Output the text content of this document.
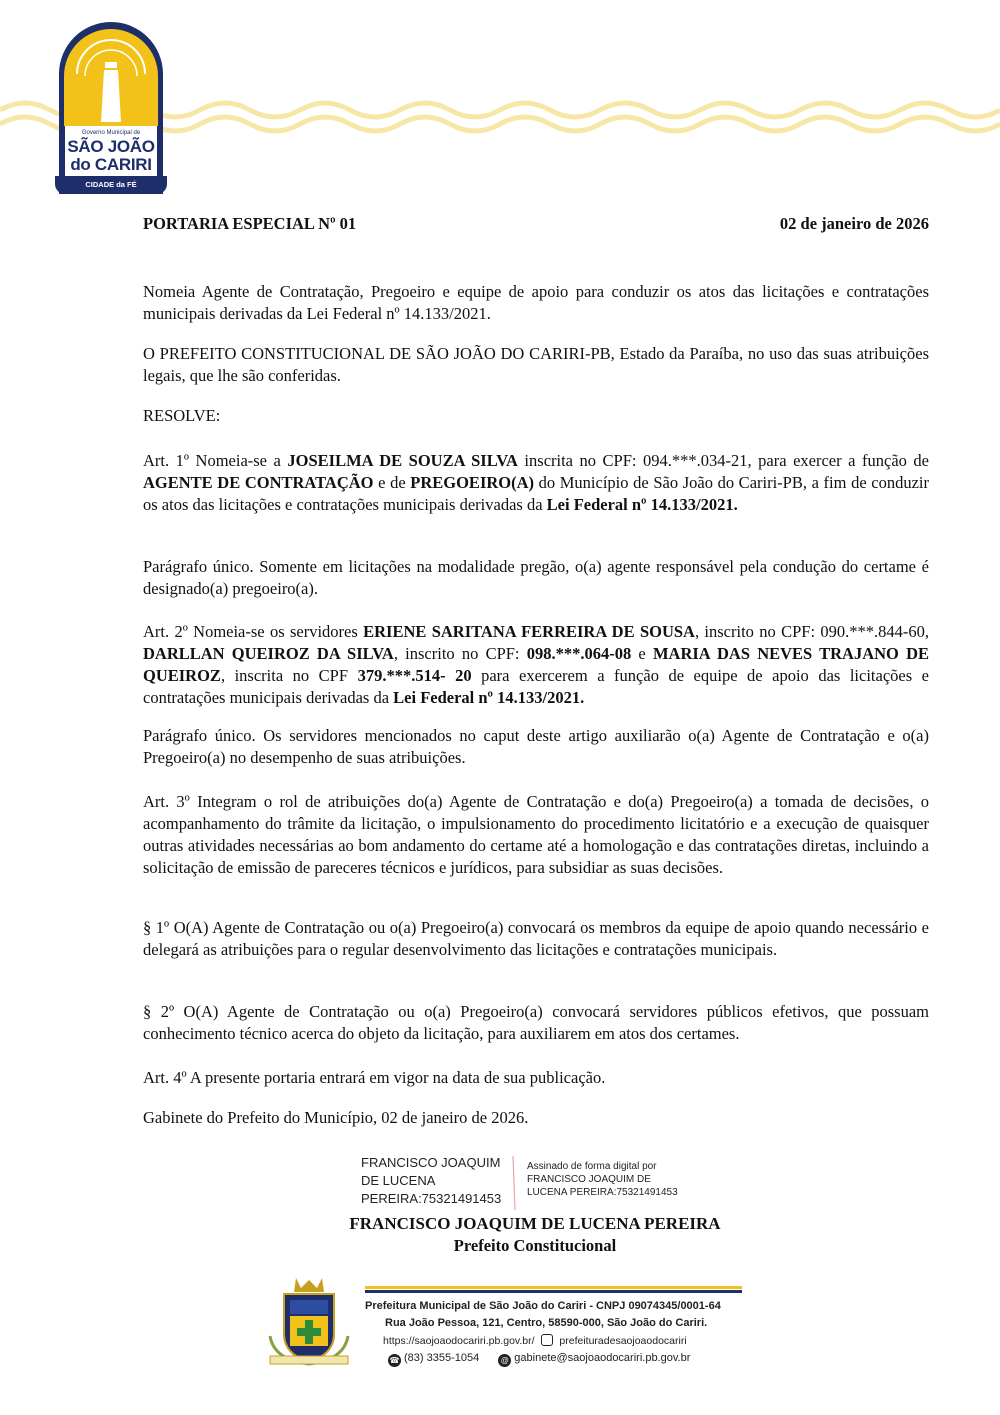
Governo Municipal de
SÃO JOÃO
do CARIRI
CIDADE da FÉ
PORTARIA ESPECIAL Nº 01	02 de janeiro de 2026

Nomeia Agente de Contratação, Pregoeiro e equipe de apoio para conduzir os atos das licitações e contratações municipais derivadas da Lei Federal nº 14.133/2021.

O PREFEITO CONSTITUCIONAL DE SÃO JOÃO DO CARIRI-PB, Estado da Paraíba, no uso das suas atribuições legais, que lhe são conferidas.

RESOLVE:

Art. 1º Nomeia-se a JOSEILMA DE SOUZA SILVA inscrita no CPF: 094.***.034-21, para exercer a função de AGENTE DE CONTRATAÇÃO e de PREGOEIRO(A) do Município de São João do Cariri-PB, a fim de conduzir os atos das licitações e contratações municipais derivadas da Lei Federal nº 14.133/2021.

Parágrafo único. Somente em licitações na modalidade pregão, o(a) agente responsável pela condução do certame é designado(a) pregoeiro(a).

Art. 2º Nomeia-se os servidores ERIENE SARITANA FERREIRA DE SOUSA, inscrito no CPF: 090.***.844-60, DARLLAN QUEIROZ DA SILVA, inscrito no CPF: 098.***.064-08 e MARIA DAS NEVES TRAJANO DE QUEIROZ, inscrita no CPF 379.***.514- 20 para exercerem a função de equipe de apoio das licitações e contratações municipais derivadas da Lei Federal nº 14.133/2021.

Parágrafo único. Os servidores mencionados no caput deste artigo auxiliarão o(a) Agente de Contratação e o(a) Pregoeiro(a) no desempenho de suas atribuições.

Art. 3º Integram o rol de atribuições do(a) Agente de Contratação e do(a) Pregoeiro(a) a tomada de decisões, o acompanhamento do trâmite da licitação, o impulsionamento do procedimento licitatório e a execução de quaisquer outras atividades necessárias ao bom andamento do certame até a homologação e das contratações diretas, incluindo a solicitação de emissão de pareceres técnicos e jurídicos, para subsidiar as suas decisões.

§ 1º O(A) Agente de Contratação ou o(a) Pregoeiro(a) convocará os membros da equipe de apoio quando necessário e delegará as atribuições para o regular desenvolvimento das licitações e contratações municipais.

§ 2º O(A) Agente de Contratação ou o(a) Pregoeiro(a) convocará servidores públicos efetivos, que possuam conhecimento técnico acerca do objeto da licitação, para auxiliarem em atos dos certames.

Art. 4º A presente portaria entrará em vigor na data de sua publicação.

Gabinete do Prefeito do Município, 02 de janeiro de 2026.

FRANCISCO JOAQUIM
DE LUCENA
PEREIRA:75321491453
Assinado de forma digital por
FRANCISCO JOAQUIM DE
LUCENA PEREIRA:75321491453
FRANCISCO JOAQUIM DE LUCENA PEREIRA
Prefeito Constitucional
Prefeitura Municipal de São João do Cariri - CNPJ 09074345/0001-64
Rua João Pessoa, 121, Centro, 58590-000, São João do Cariri.
https://saojoaodocariri.pb.gov.br/ prefeituradesaojoaodocariri
☎ (83) 3355-1054	@ gabinete@saojoaodocariri.pb.gov.br
